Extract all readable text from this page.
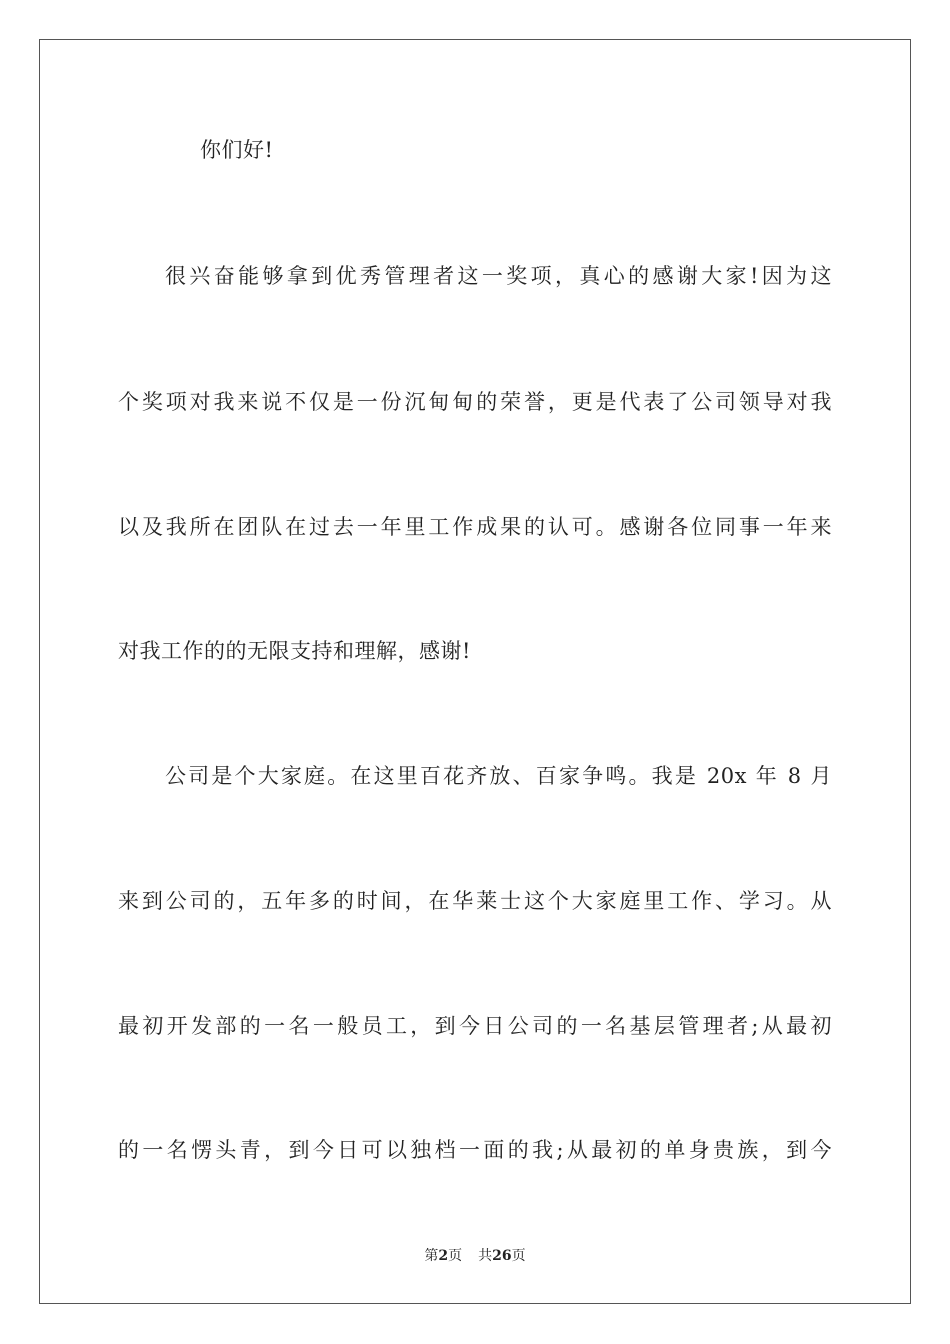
你们好!
很兴奋能够拿到优秀管理者这一奖项，真心的感谢大家!因为这
个奖项对我来说不仅是一份沉甸甸的荣誉，更是代表了公司领导对我
以及我所在团队在过去一年里工作成果的认可。感谢各位同事一年来
对我工作的的无限支持和理解，感谢!
公司是个大家庭。在这里百花齐放、百家争鸣。我是 20x 年 8 月
来到公司的，五年多的时间，在华莱士这个大家庭里工作、学习。从
最初开发部的一名一般员工，到今日公司的一名基层管理者;从最初
的一名愣头青，到今日可以独档一面的我;从最初的单身贵族，到今
第2页 共26页
